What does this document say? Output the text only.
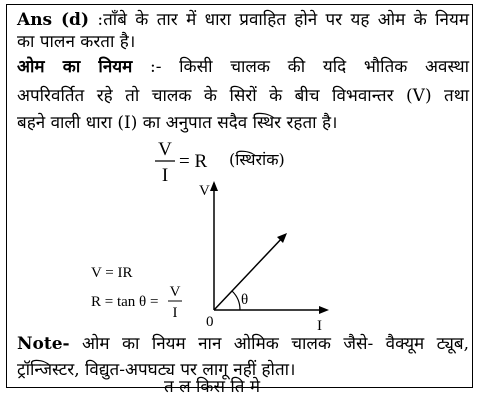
Ans (d) :ताँबे के तार में धारा प्रवाहित होने पर यह ओम के नियम
का पालन करता है।
ओम का नियम :- किसी चालक की यदि भौतिक अवस्था
अपरिवर्तित रहे तो चालक के सिरों के बीच विभवान्तर (V) तथा
बहने वाली धारा (I) का अनुपात सदैव स्थिर रहता है।
V
I
= R (स्थिरांक)
V
I
0
θ
V = IR
R = tan θ =
V
I
Note- ओम का नियम नान ओमिक चालक जैसे- वैक्यूम ट्यूब,
ट्रॉन्जिस्टर, विद्युत-अपघट्य पर लागू नहीं होता।
त ल किस ति मे
